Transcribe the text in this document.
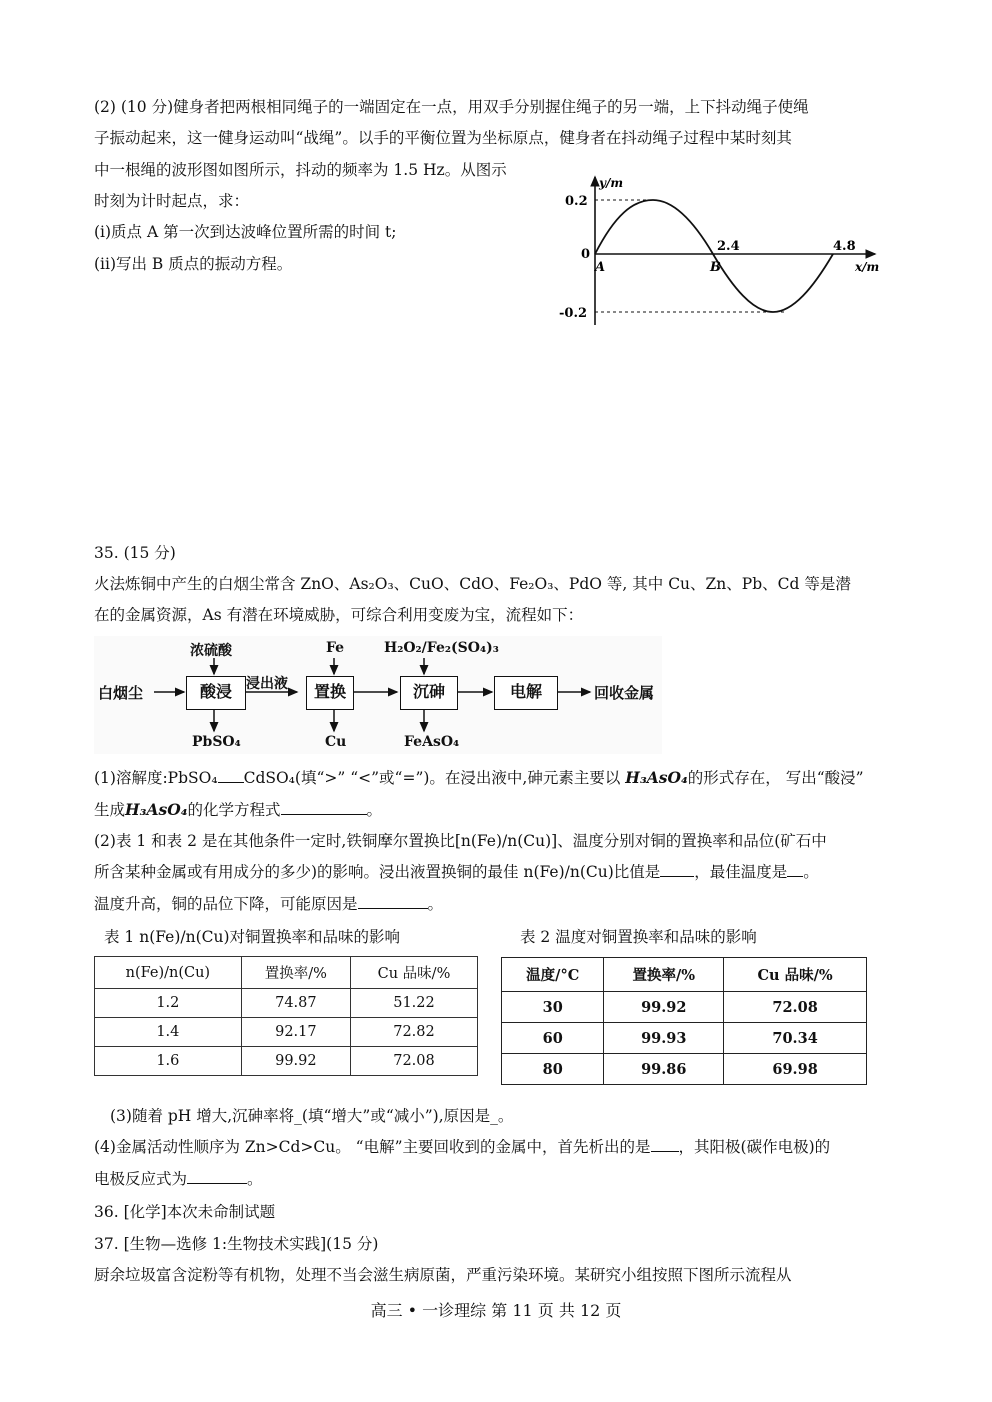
(2) (10 分)健身者把两根相同绳子的一端固定在一点，用双手分别握住绳子的另一端，上下抖动绳子使绳
子振动起来，这一健身运动叫“战绳”。以手的平衡位置为坐标原点，健身者在抖动绳子过程中某时刻其
中一根绳的波形图如图所示，抖动的频率为 1.5 Hz。从图示
时刻为计时起点，求：
(i)质点 A 第一次到达波峰位置所需的时间 t;
(ii)写出 B 质点的振动方程。
y/m
x/m
0.2
0
-0.2
2.4	4.8
A	B
35. (15 分)
火法炼铜中产生的白烟尘常含 ZnO、As₂O₃、CuO、CdO、Fe₂O₃、PdO 等, 其中 Cu、Zn、Pb、Cd 等是潜
在的金属资源，As 有潜在环境威胁，可综合利用变废为宝，流程如下：
白烟尘	酸浸	置换	沉砷	电解
浓硫酸	Fe	H₂O₂/Fe₂(SO₄)₃
浸出液
PbSO₄	Cu	FeAsO₄
回收金属
(1)溶解度:PbSO₄ CdSO₄(填“>” “<”或“=”)。在浸出液中,砷元素主要以 H₃AsO₄的形式存在， 写出“酸浸”
生成H₃AsO₄的化学方程式	。
(2)表 1 和表 2 是在其他条件一定时,铁铜摩尔置换比[n(Fe)/n(Cu)]、温度分别对铜的置换率和品位(矿石中
所含某种金属或有用成分的多少)的影响。浸出液置换铜的最佳 n(Fe)/n(Cu)比值是 ，最佳温度是 。
温度升高，铜的品位下降，可能原因是	。
表 1 n(Fe)/n(Cu)对铜置换率和品味的影响	表 2 温度对铜置换率和品味的影响
n(Fe)/n(Cu)	置换率/%	Cu 品味/%
1.2	74.87	51.22
1.4	92.17	72.82
1.6	99.92	72.08
温度/°C	置换率/%	Cu 品味/%
30	99.92	72.08
60	99.93	70.34
80	99.86	69.98
(3)随着 pH 增大,沉砷率将_(填“增大”或“减小”),原因是_。
(4)金属活动性顺序为 Zn>Cd>Cu。 “电解”主要回收到的金属中，首先析出的是 ，其阳极(碳作电极)的
电极反应式为	。
36. [化学]本次未命制试题
37. [生物—选修 1:生物技术实践](15 分)
厨余垃圾富含淀粉等有机物，处理不当会滋生病原菌，严重污染环境。某研究小组按照下图所示流程从
高三 • 一诊理综 第 11 页 共 12 页
